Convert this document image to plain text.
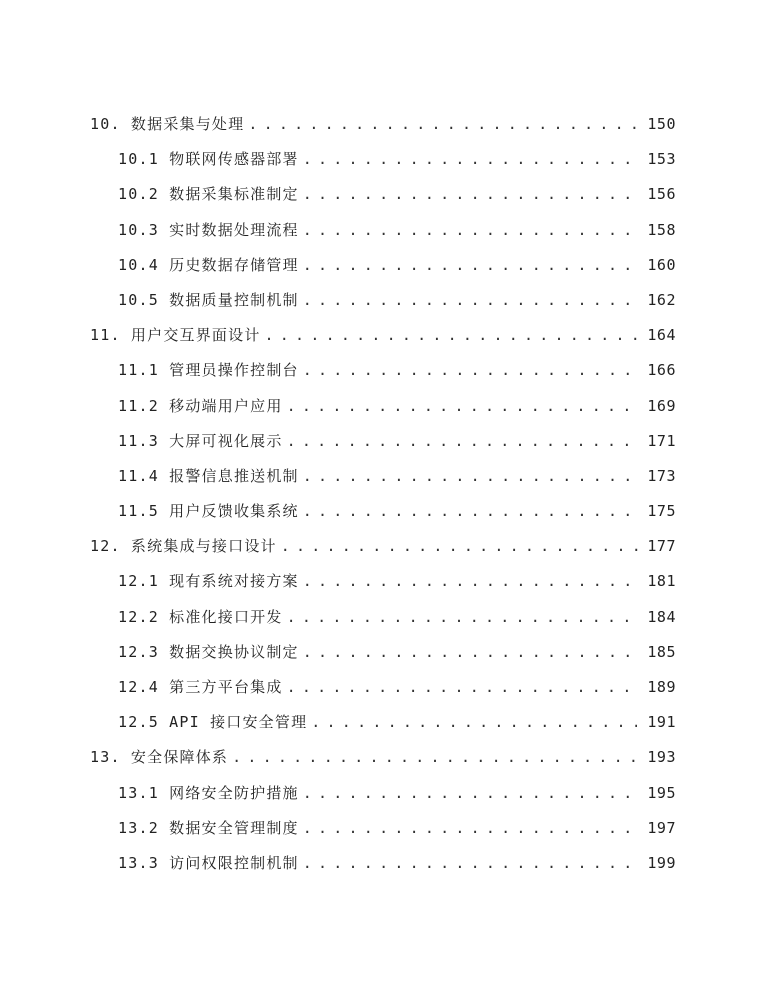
10. 数据采集与处理 . . .	150
10.1 物联网传感器部署 . . .	153
10.2 数据采集标准制定 . . .	156
10.3 实时数据处理流程 . . .	158
10.4 历史数据存储管理 . . .	160
10.5 数据质量控制机制 . . .	162
11. 用户交互界面设计 . . .	164
11.1 管理员操作控制台 . . .	166
11.2 移动端用户应用 . . .	169
11.3 大屏可视化展示 . . .	171
11.4 报警信息推送机制 . . .	173
11.5 用户反馈收集系统 . . .	175
12. 系统集成与接口设计 . . .	177
12.1 现有系统对接方案 . . .	181
12.2 标准化接口开发 . . .	184
12.3 数据交换协议制定 . . .	185
12.4 第三方平台集成 . . .	189
12.5 API 接口安全管理 . . .	191
13. 安全保障体系 . . .	193
13.1 网络安全防护措施 . . .	195
13.2 数据安全管理制度 . . .	197
13.3 访问权限控制机制 . . .	199
